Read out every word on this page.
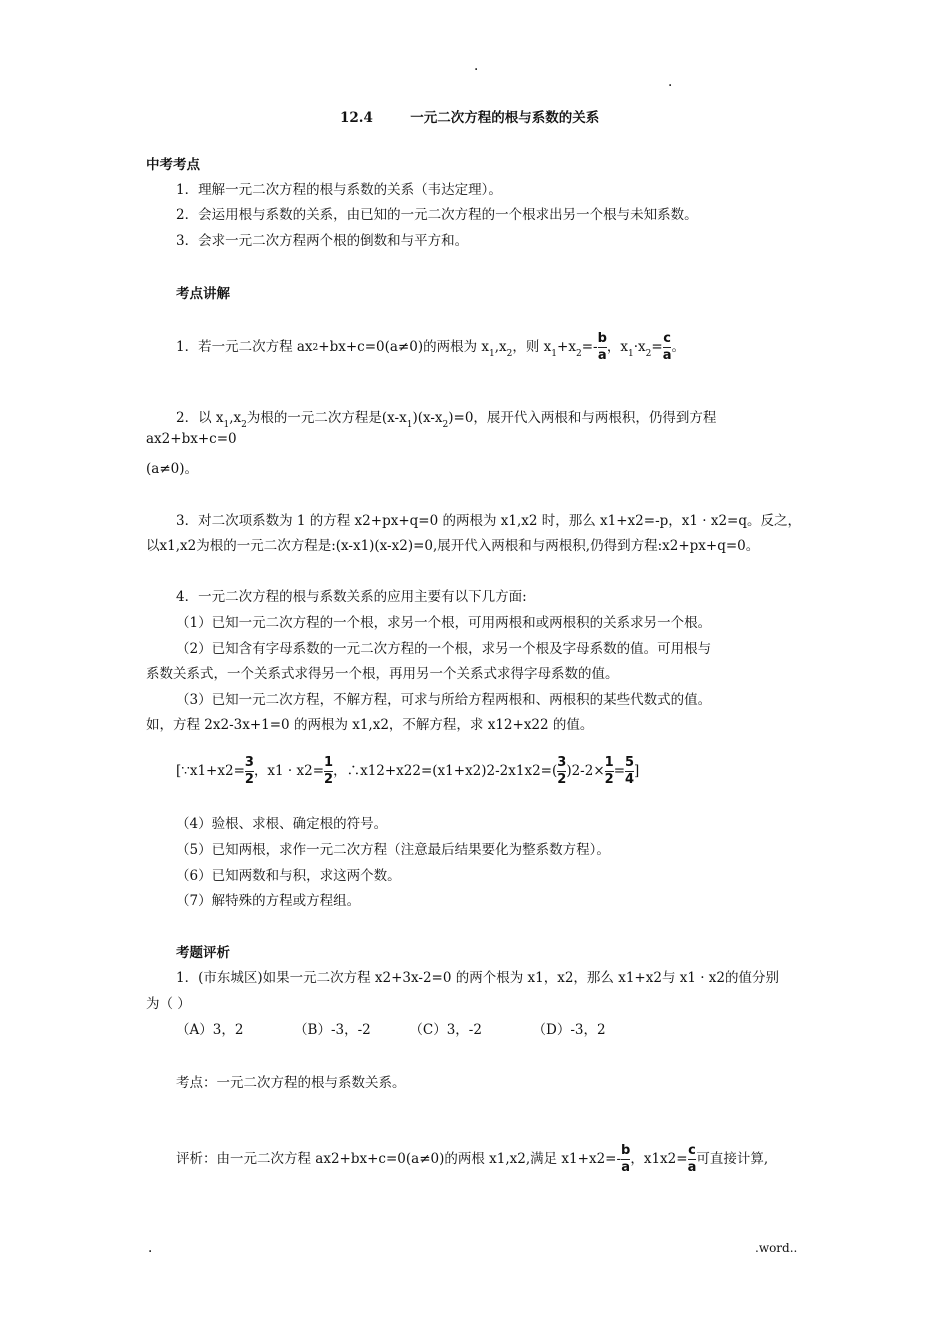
.
.
12.4	一元二次方程的根与系数的关系
中考考点
1．理解一元二次方程的根与系数的关系（韦达定理）。
2．会运用根与系数的关系，由已知的一元二次方程的一个根求出另一个根与未知系数。
3．会求一元二次方程两个根的倒数和与平方和。
考点讲解
1．若一元二次方程 ax2+bx+c=0(a≠0)的两根为 $x_1,x_2$，则 $x_1+x_2=- \frac{b}{a}$ ，$x_1\cdot x_2= \frac{c}{a}$ 。
2．以 $x_1,x_2$为根的一元二次方程是$(x-x_1)(x-x_2)=0$，展开代入两根和与两根积，仍得到方程
ax2+bx+c=0
(a≠0)。
3．对二次项系数为 1 的方程 x2+px+q=0 的两根为 x1,x2 时，那么 x1+x2=-p，x1 · x2=q。反之，
以x1,x2为根的一元二次方程是:(x-x1)(x-x2)=0,展开代入两根和与两根积,仍得到方程:x2+px+q=0。
4．一元二次方程的根与系数关系的应用主要有以下几方面:
（1）已知一元二次方程的一个根，求另一个根，可用两根和或两根积的关系求另一个根。
（2）已知含有字母系数的一元二次方程的一个根，求另一个根及字母系数的值。可用根与
系数关系式，一个关系式求得另一个根，再用另一个关系式求得字母系数的值。
（3）已知一元二次方程，不解方程，可求与所给方程两根和、两根积的某些代数式的值。
如，方程 2x2-3x+1=0 的两根为 x1,x2，不解方程，求 x12+x22 的值。
[∵x1+x2= $\frac{3}{2}$ ，$x1 \cdot x2= \frac{1}{2}$ ，∴x12+x22=(x1+x2)2-2x1x2=( $\frac{3}{2} )2-2\times \frac{1}{2} = \frac{5}{4}$ ]
（4）验根、求根、确定根的符号。
（5）已知两根，求作一元二次方程（注意最后结果要化为整系数方程）。
（6）已知两数和与积，求这两个数。
（7）解特殊的方程或方程组。
考题评析
1．(市东城区)如果一元二次方程 x2+3x-2=0 的两个根为 x1，x2，那么 x1+x2与 x1 · x2的值分别
为（ ）
（A）3，2	（B）-3，-2	（C）3，-2	（D）-3，2
考点：一元二次方程的根与系数关系。
评析：由一元二次方程 ax2+bx+c=0(a≠0)的两根 x1,x2,满足 $x1+x2=- \frac{b}{a}$ ，$x1x2= \frac{c}{a}$ 可直接计算,
.	.word..
